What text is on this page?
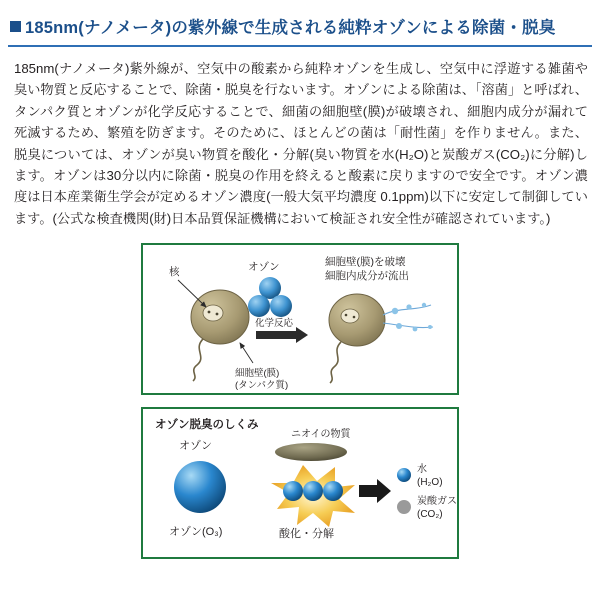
185nm(ナノメータ)の紫外線で生成される純粋オゾンによる除菌・脱臭

185nm(ナノメータ)紫外線が、空気中の酸素から純粋オゾンを生成し、空気中に浮遊する雑菌や臭い物質と反応することで、除菌・脱臭を行ないます。オゾンによる除菌は、「溶菌」と呼ばれ、タンパク質とオゾンが化学反応することで、細菌の細胞壁(膜)が破壊され、細胞内成分が漏れて死滅するため、繁殖を防ぎます。そのために、ほとんどの菌は「耐性菌」を作りません。また、脱臭については、オゾンが臭い物質を酸化・分解(臭い物質を水(H₂O)と炭酸ガス(CO₂)に分解)します。オゾンは30分以内に除菌・脱臭の作用を終えると酸素に戻りますので安全です。オゾン濃度は日本産業衛生学会が定めるオゾン濃度(一般大気平均濃度 0.1ppm)以下に安定して制御しています。(公式な検査機関(財)日本品質保証機構において検証され安全性が確認されています。)

核	オゾン
化学反応
細胞壁(膜)
(タンパク質)
細胞壁(膜)を破壊
細胞内成分が流出
オゾン脱臭のしくみ
ニオイの物質
オゾン
オゾン(O₃)	酸化・分解
水
(H₂O)
炭酸ガス
(CO₂)
